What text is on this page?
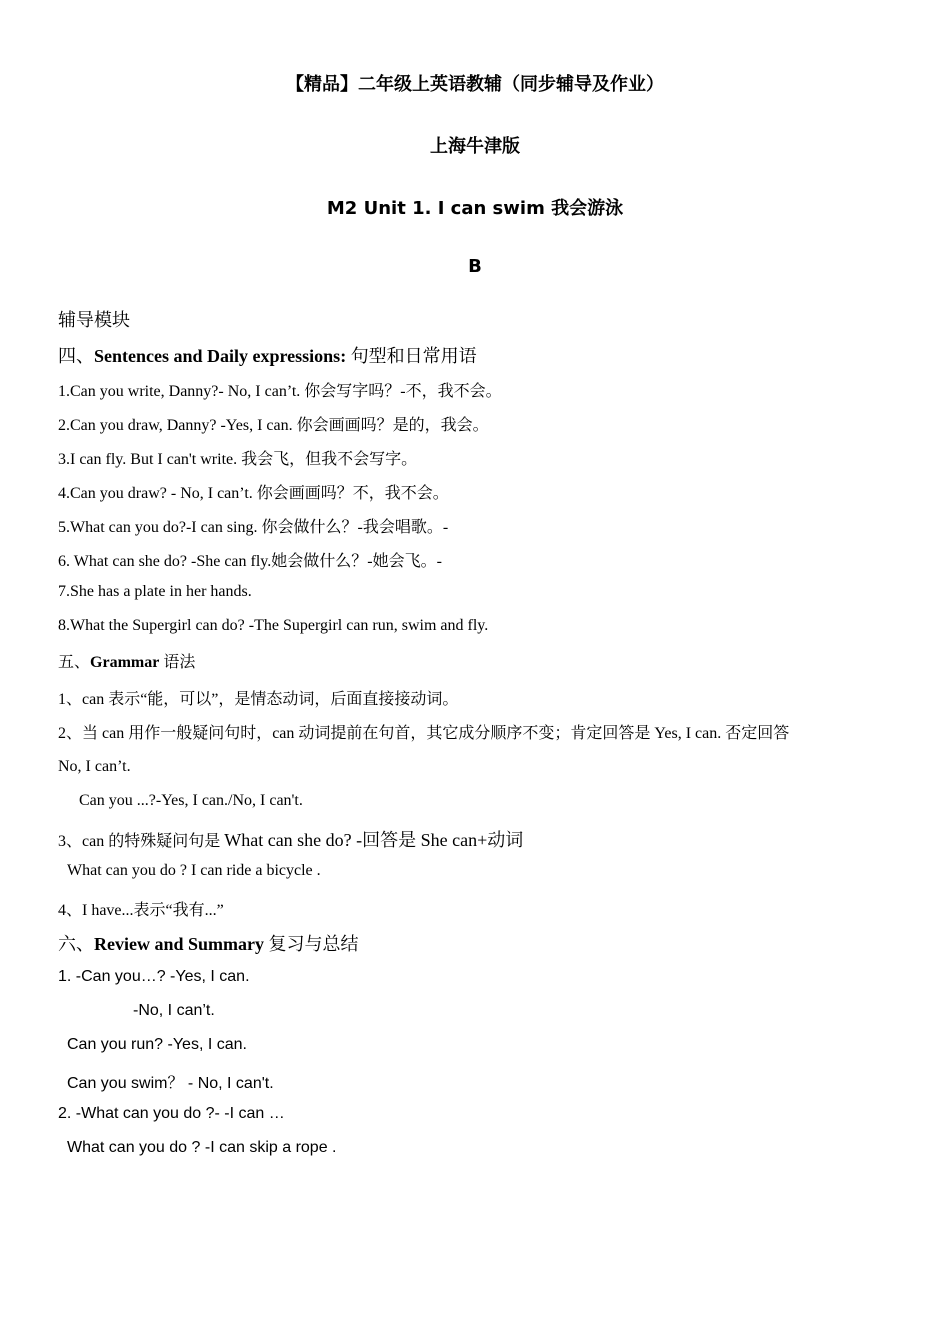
【精品】二年级上英语教辅（同步辅导及作业）
上海牛津版
M2 Unit 1. I can swim 我会游泳
B
辅导模块
四、Sentences and Daily expressions: 句型和日常用语
1.Can you write, Danny?- No, I can’t. 你会写字吗？-不，我不会。
2.Can you draw, Danny? -Yes, I can. 你会画画吗？是的，我会。
3.I can fly. But I can't write. 我会飞，但我不会写字。
4.Can you draw? - No, I can’t. 你会画画吗？不，我不会。
5.What can you do?-I can sing. 你会做什么？-我会唱歌。-
6. What can she do? -She can fly.她会做什么？-她会飞。-
7.She has a plate in her hands.
8.What the Supergirl can do? -The Supergirl can run, swim and fly.
五、Grammar 语法
1、can 表示“能，可以”，是情态动词，后面直接接动词。
2、当 can 用作一般疑问句时，can 动词提前在句首，其它成分顺序不变；肯定回答是 Yes, I can. 否定回答
No, I can’t.
Can you ...?-Yes, I can./No, I can't.
3、can 的特殊疑问句是 What can she do? -回答是 She can+动词
What can you do ? I can ride a bicycle .
4、I have...表示“我有...”
六、Review and Summary 复习与总结
1. -Can you…? -Yes, I can.
-No, I can’t.
Can you run? -Yes, I can.
Can you swim？ - No, I can't.
2. -What can you do ?- -I can …
What can you do ? -I can skip a rope .
